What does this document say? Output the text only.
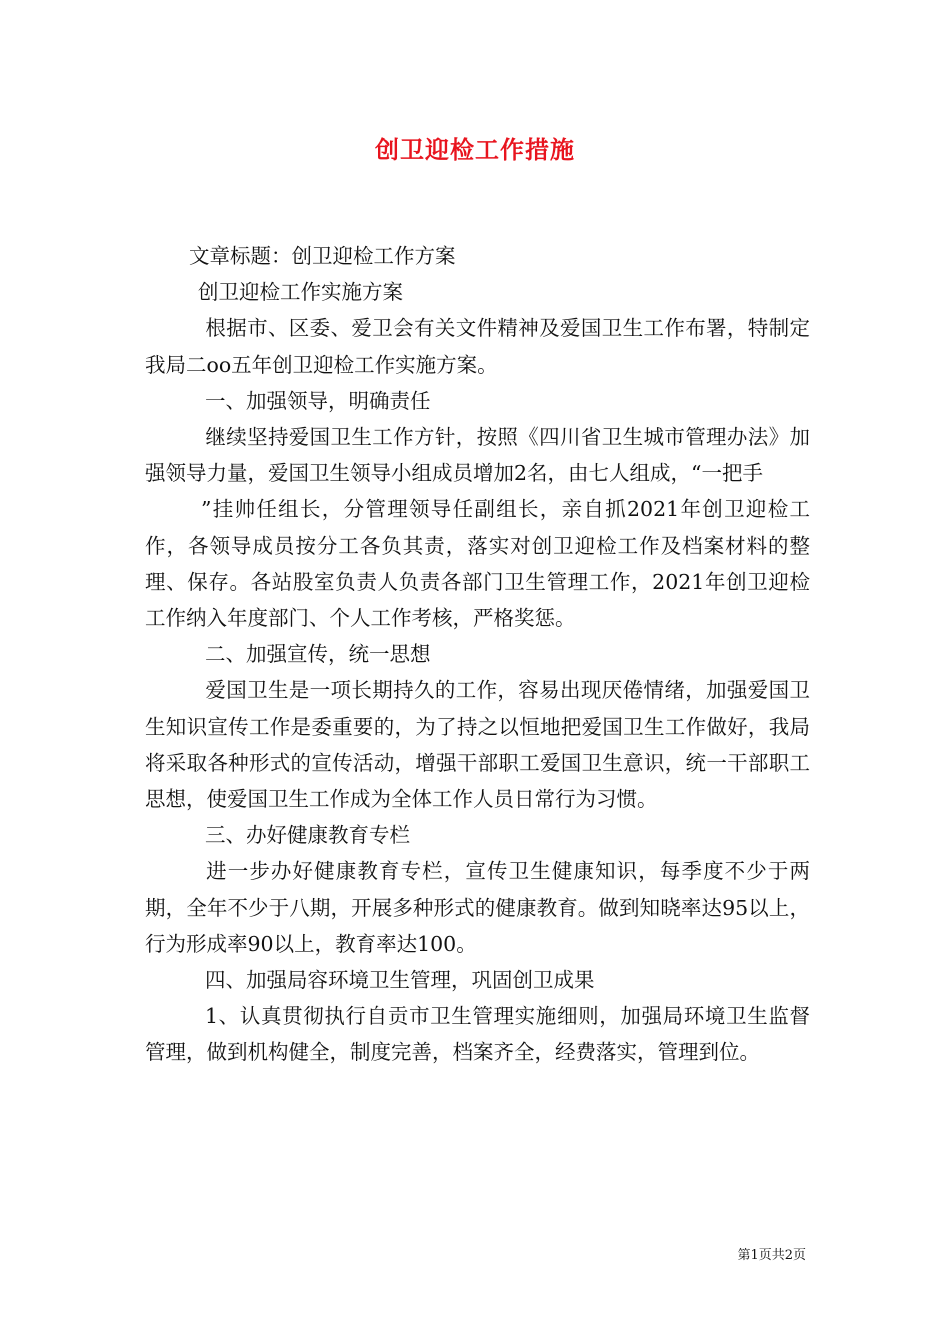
创卫迎检工作措施

文章标题：创卫迎检工作方案

创卫迎检工作实施方案

根据市、区委、爱卫会有关文件精神及爱国卫生工作布署，特制定我局二oo五年创卫迎检工作实施方案。

一、加强领导，明确责任

继续坚持爱国卫生工作方针，按照《四川省卫生城市管理办法》加强领导力量，爱国卫生领导小组成员增加2名，由七人组成，“一把手

”挂帅任组长，分管理领导任副组长，亲自抓2021年创卫迎检工作，各领导成员按分工各负其责，落实对创卫迎检工作及档案材料的整理、保存。各站股室负责人负责各部门卫生管理工作，2021年创卫迎检工作纳入年度部门、个人工作考核，严格奖惩。

二、加强宣传，统一思想

爱国卫生是一项长期持久的工作，容易出现厌倦情绪，加强爱国卫生知识宣传工作是委重要的，为了持之以恒地把爱国卫生工作做好，我局将采取各种形式的宣传活动，增强干部职工爱国卫生意识，统一干部职工思想，使爱国卫生工作成为全体工作人员日常行为习惯。

三、办好健康教育专栏

进一步办好健康教育专栏，宣传卫生健康知识，每季度不少于两期，全年不少于八期，开展多种形式的健康教育。做到知晓率达95以上，行为形成率90以上，教育率达100。

四、加强局容环境卫生管理，巩固创卫成果

1、认真贯彻执行自贡市卫生管理实施细则，加强局环境卫生监督管理，做到机构健全，制度完善，档案齐全，经费落实，管理到位。

第1页共2页
